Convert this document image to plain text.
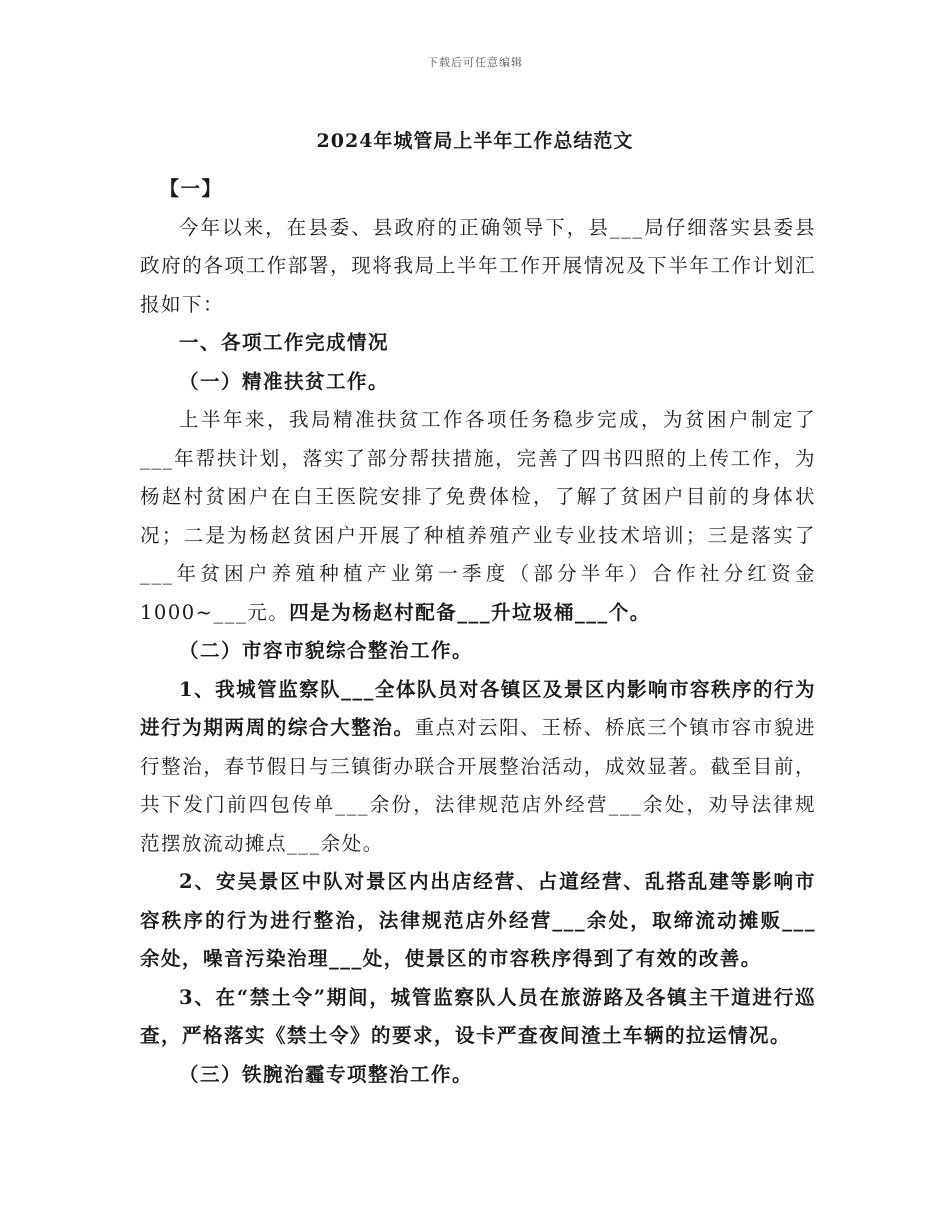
下载后可任意编辑
2024年城管局上半年工作总结范文

【一】

今年以来，在县委、县政府的正确领导下，县___局仔细落实县委县政府的各项工作部署，现将我局上半年工作开展情况及下半年工作计划汇报如下：

一、各项工作完成情况

（一）精准扶贫工作。

上半年来，我局精准扶贫工作各项任务稳步完成，为贫困户制定了___年帮扶计划，落实了部分帮扶措施，完善了四书四照的上传工作，为杨赵村贫困户在白王医院安排了免费体检，了解了贫困户目前的身体状况；二是为杨赵贫困户开展了种植养殖产业专业技术培训；三是落实了___年贫困户养殖种植产业第一季度（部分半年）合作社分红资金1000~___元。四是为杨赵村配备___升垃圾桶___个。

（二）市容市貌综合整治工作。

1、我城管监察队___全体队员对各镇区及景区内影响市容秩序的行为进行为期两周的综合大整治。重点对云阳、王桥、桥底三个镇市容市貌进行整治，春节假日与三镇街办联合开展整治活动，成效显著。截至目前，共下发门前四包传单___余份，法律规范店外经营___余处，劝导法律规范摆放流动摊点___余处。

2、安吴景区中队对景区内出店经营、占道经营、乱搭乱建等影响市容秩序的行为进行整治，法律规范店外经营___余处，取缔流动摊贩___余处，噪音污染治理___处，使景区的市容秩序得到了有效的改善。

3、在“禁土令”期间，城管监察队人员在旅游路及各镇主干道进行巡查，严格落实《禁土令》的要求，设卡严查夜间渣土车辆的拉运情况。

（三）铁腕治霾专项整治工作。
